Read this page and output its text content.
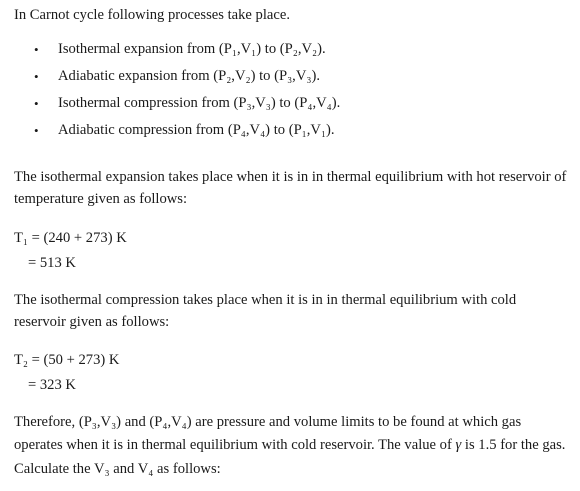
In Carnot cycle following processes take place.

• Isothermal expansion from (P₁,V₁) to (P₂,V₂).
• Adiabatic expansion from (P₂,V₂) to (P₃,V₃).
• Isothermal compression from (P₃,V₃) to (P₄,V₄).
• Adiabatic compression from (P₄,V₄) to (P₁,V₁).

The isothermal expansion takes place when it is in in thermal equilibrium with hot reservoir of temperature given as follows:

T₁ = (240 + 273) K
= 513 K

The isothermal compression takes place when it is in in thermal equilibrium with cold reservoir given as follows:

T₂ = (50 + 273) K
= 323 K

Therefore, (P₃,V₃) and (P₄,V₄) are pressure and volume limits to be found at which gas operates when it is in thermal equilibrium with cold reservoir. The value of γ is 1.5 for the gas. Calculate the V₃ and V₄ as follows:
